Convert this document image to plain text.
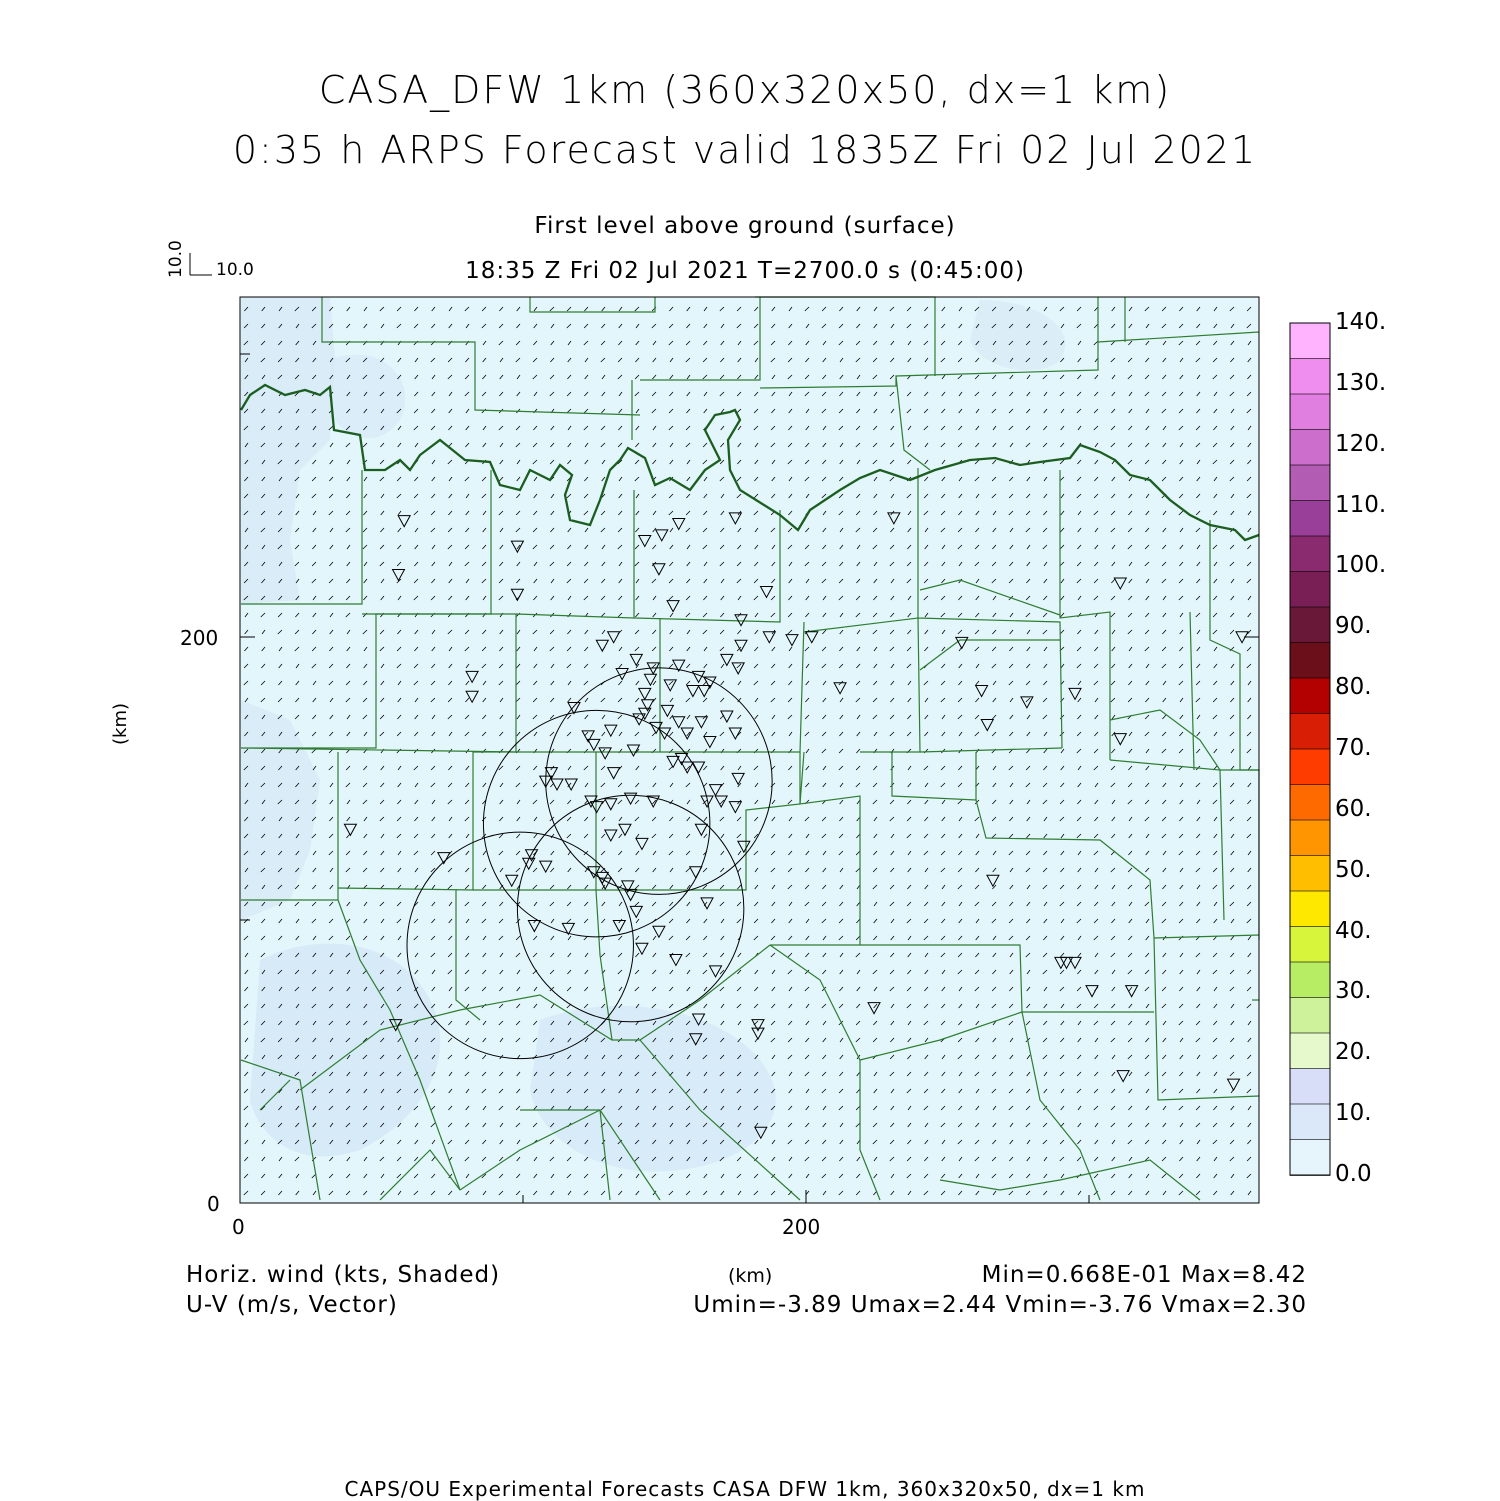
CASA_DFW 1km (360x320x50, dx=1 km)
0:35 h ARPS Forecast valid 1835Z Fri 02 Jul 2021
First level above ground (surface)
18:35 Z Fri 02 Jul 2021 T=2700.0 s (0:45:00)
10.0
10.0
(km)
200
0
0	200
(km)
Horiz. wind (kts, Shaded)
U-V (m/s, Vector)
Min=0.668E-01 Max=8.42
Umin=-3.89 Umax=2.44 Vmin=-3.76 Vmax=2.30
CAPS/OU Experimental Forecasts CASA DFW 1km, 360x320x50, dx=1 km
140.
130.
120.
110.
100.
90.
80.
70.
60.
50.
40.
30.
20.
10.
0.0
